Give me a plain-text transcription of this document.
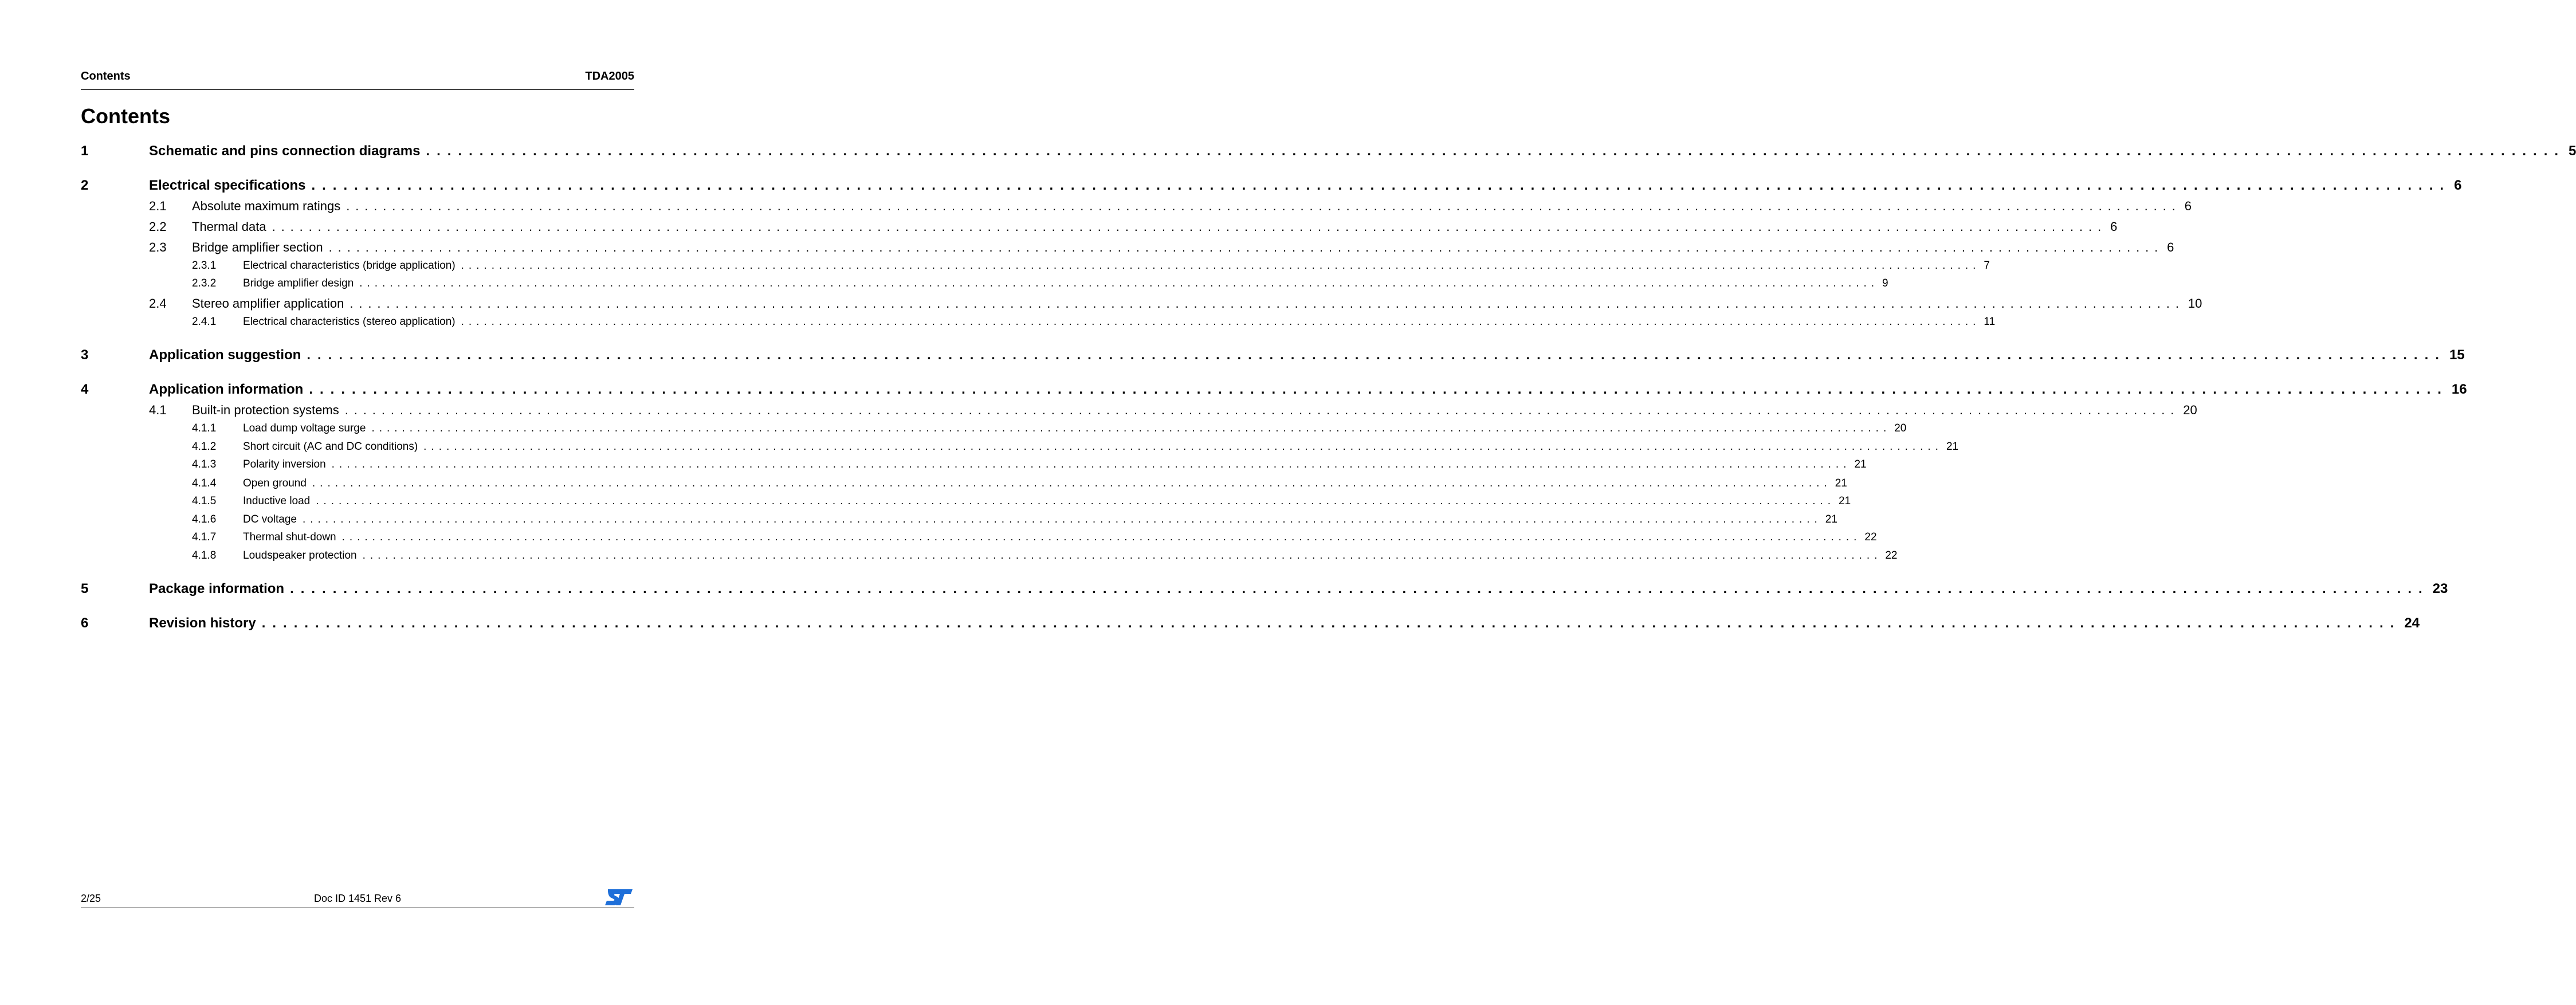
Contents	TDA2005
Contents
1	Schematic and pins connection diagrams ........................................................................................................................................................................................................ 5
2	Electrical specifications ........................................................................................................................................................................................................ 6
2.1	Absolute maximum ratings ........................................................................................................................................................................................................ 6
2.2	Thermal data ........................................................................................................................................................................................................ 6
2.3	Bridge amplifier section ........................................................................................................................................................................................................ 6
2.3.1	Electrical characteristics (bridge application) ........................................................................................................................................................................................................ 7
2.3.2	Bridge amplifier design ........................................................................................................................................................................................................ 9
2.4	Stereo amplifier application ........................................................................................................................................................................................................ 10
2.4.1	Electrical characteristics (stereo application) ........................................................................................................................................................................................................ 11
3	Application suggestion ........................................................................................................................................................................................................ 15
4	Application information ........................................................................................................................................................................................................ 16
4.1	Built-in protection systems ........................................................................................................................................................................................................ 20
4.1.1	Load dump voltage surge ........................................................................................................................................................................................................ 20
4.1.2	Short circuit (AC and DC conditions) ........................................................................................................................................................................................................ 21
4.1.3	Polarity inversion ........................................................................................................................................................................................................ 21
4.1.4	Open ground ........................................................................................................................................................................................................ 21
4.1.5	Inductive load ........................................................................................................................................................................................................ 21
4.1.6	DC voltage ........................................................................................................................................................................................................ 21
4.1.7	Thermal shut-down ........................................................................................................................................................................................................ 22
4.1.8	Loudspeaker protection ........................................................................................................................................................................................................ 22
5	Package information ........................................................................................................................................................................................................ 23
6	Revision history ........................................................................................................................................................................................................ 24
2/25	Doc ID 1451 Rev 6
